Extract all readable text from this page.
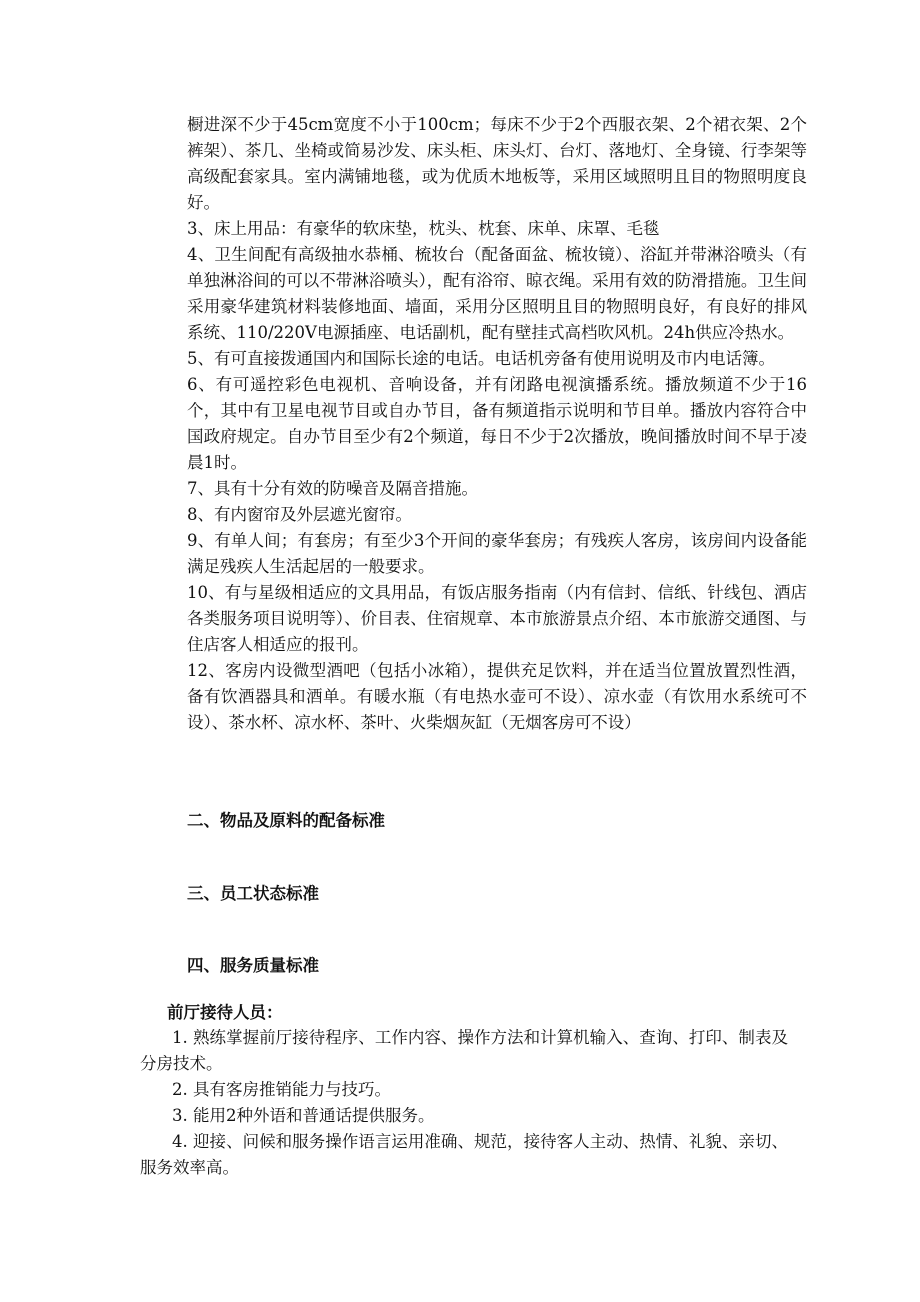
橱进深不少于45cm宽度不小于100cm；每床不少于2个西服衣架、2个裙衣架、2个裤架）、茶几、坐椅或简易沙发、床头柜、床头灯、台灯、落地灯、全身镜、行李架等高级配套家具。室内满铺地毯，或为优质木地板等，采用区域照明且目的物照明度良好。

3、床上用品：有豪华的软床垫，枕头、枕套、床单、床罩、毛毯

4、卫生间配有高级抽水恭桶、梳妆台（配备面盆、梳妆镜）、浴缸并带淋浴喷头（有单独淋浴间的可以不带淋浴喷头），配有浴帘、晾衣绳。采用有效的防滑措施。卫生间采用豪华建筑材料装修地面、墙面，采用分区照明且目的物照明良好，有良好的排风系统、110/220V电源插座、电话副机，配有壁挂式高档吹风机。24h供应冷热水。

5、有可直接拨通国内和国际长途的电话。电话机旁备有使用说明及市内电话簿。

6、有可遥控彩色电视机、音响设备，并有闭路电视演播系统。播放频道不少于16个，其中有卫星电视节目或自办节目，备有频道指示说明和节目单。播放内容符合中国政府规定。自办节目至少有2个频道，每日不少于2次播放，晚间播放时间不早于凌晨1时。

7、具有十分有效的防噪音及隔音措施。

8、有内窗帘及外层遮光窗帘。

9、有单人间；有套房；有至少3个开间的豪华套房；有残疾人客房，该房间内设备能满足残疾人生活起居的一般要求。

10、有与星级相适应的文具用品，有饭店服务指南（内有信封、信纸、针线包、酒店各类服务项目说明等）、价目表、住宿规章、本市旅游景点介绍、本市旅游交通图、与住店客人相适应的报刊。

12、客房内设微型酒吧（包括小冰箱），提供充足饮料，并在适当位置放置烈性酒，备有饮酒器具和酒单。有暖水瓶（有电热水壶可不设）、凉水壶（有饮用水系统可不设）、茶水杯、凉水杯、茶叶、火柴烟灰缸（无烟客房可不设）

二、物品及原料的配备标准
三、员工状态标准
四、服务质量标准
前厅接待人员：

1. 熟练掌握前厅接待程序、工作内容、操作方法和计算机输入、查询、打印、制表及分房技术。

2. 具有客房推销能力与技巧。

3. 能用2种外语和普通话提供服务。

4. 迎接、问候和服务操作语言运用准确、规范，接待客人主动、热情、礼貌、亲切、服务效率高。
